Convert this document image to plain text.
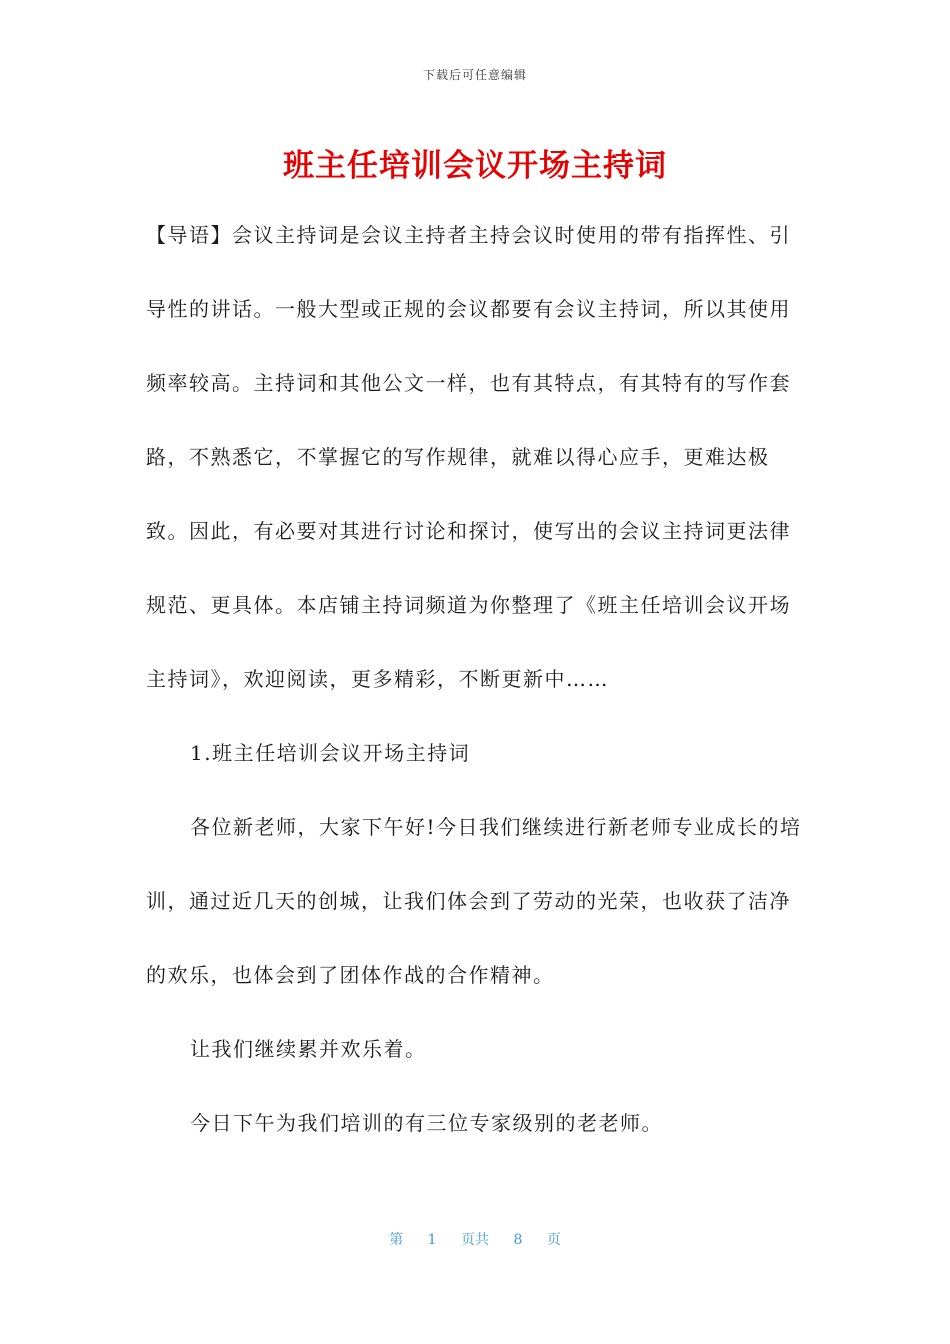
下载后可任意编辑
班主任培训会议开场主持词

【导语】会议主持词是会议主持者主持会议时使用的带有指挥性、引导性的讲话。一般大型或正规的会议都要有会议主持词，所以其使用频率较高。主持词和其他公文一样，也有其特点，有其特有的写作套路，不熟悉它，不掌握它的写作规律，就难以得心应手，更难达极致。因此，有必要对其进行讨论和探讨，使写出的会议主持词更法律规范、更具体。本店铺主持词频道为你整理了《班主任培训会议开场主持词》，欢迎阅读，更多精彩，不断更新中……

1.班主任培训会议开场主持词

各位新老师，大家下午好!今日我们继续进行新老师专业成长的培训，通过近几天的创城，让我们体会到了劳动的光荣，也收获了洁净的欢乐，也体会到了团体作战的合作精神。

让我们继续累并欢乐着。

今日下午为我们培训的有三位专家级别的老老师。

第 1 页共 8 页
